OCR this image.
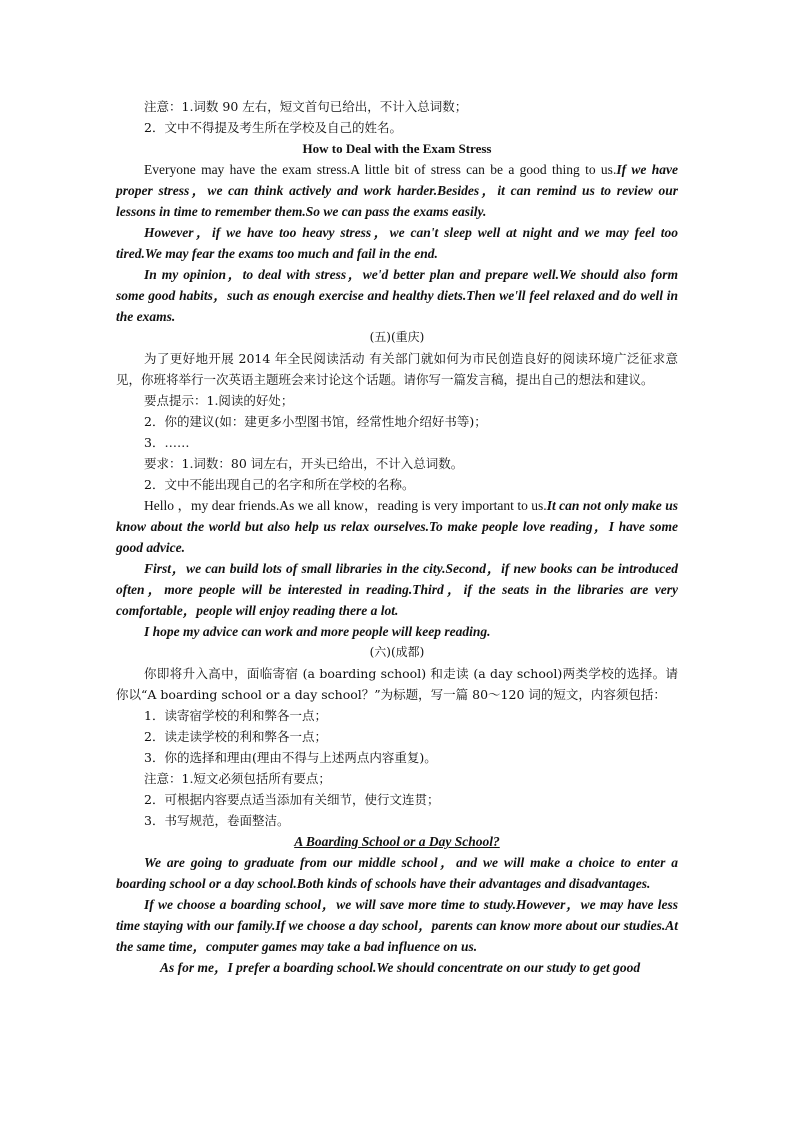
注意：1.词数 90 左右，短文首句已给出，不计入总词数；
2．文中不得提及考生所在学校及自己的姓名。
How to Deal with the Exam Stress
Everyone may have the exam stress.A little bit of stress can be a good thing to us.If we have proper stress，we can think actively and work harder.Besides，it can remind us to review our lessons in time to remember them.So we can pass the exams easily.
However，if we have too heavy stress，we can't sleep well at night and we may feel too tired.We may fear the exams too much and fail in the end.
In my opinion，to deal with stress，we'd better plan and prepare well.We should also form some good habits，such as enough exercise and healthy diets.Then we'll feel relaxed and do well in the exams.
(五)(重庆)
为了更好地开展 2014 年全民阅读活动 有关部门就如何为市民创造良好的阅读环境广泛征求意见，你班将举行一次英语主题班会来讨论这个话题。请你写一篇发言稿，提出自己的想法和建议。
要点提示：1.阅读的好处；
2．你的建议(如：建更多小型图书馆，经常性地介绍好书等)；
3．……
要求：1.词数：80 词左右，开头已给出，不计入总词数。
2．文中不能出现自己的名字和所在学校的名称。
Hello ，my dear friends.As we all know，reading is very important to us.It can not only make us know about the world but also help us relax ourselves.To make people love reading，I have some good advice.
First，we can build lots of small libraries in the city.Second，if new books can be introduced often，more people will be interested in reading.Third，if the seats in the libraries are very comfortable，people will enjoy reading there a lot.
I hope my advice can work and more people will keep reading.
(六)(成都)
你即将升入高中，面临寄宿 (a boarding school) 和走读 (a day school)两类学校的选择。请你以“A boarding school or a day school？”为标题，写一篇 80～120 词的短文，内容须包括：
1．读寄宿学校的利和弊各一点；
2．读走读学校的利和弊各一点；
3．你的选择和理由(理由不得与上述两点内容重复)。
注意：1.短文必须包括所有要点；
2．可根据内容要点适当添加有关细节，使行文连贯；
3．书写规范，卷面整洁。
A Boarding School or a Day School?
We are going to graduate from our middle school，and we will make a choice to enter a boarding school or a day school.Both kinds of schools have their advantages and disadvantages.
If we choose a boarding school，we will save more time to study.However，we may have less time staying with our family.If we choose a day school，parents can know more about our studies.At the same time，computer games may take a bad influence on us.
As for me，I prefer a boarding school.We should concentrate on our study to get good
